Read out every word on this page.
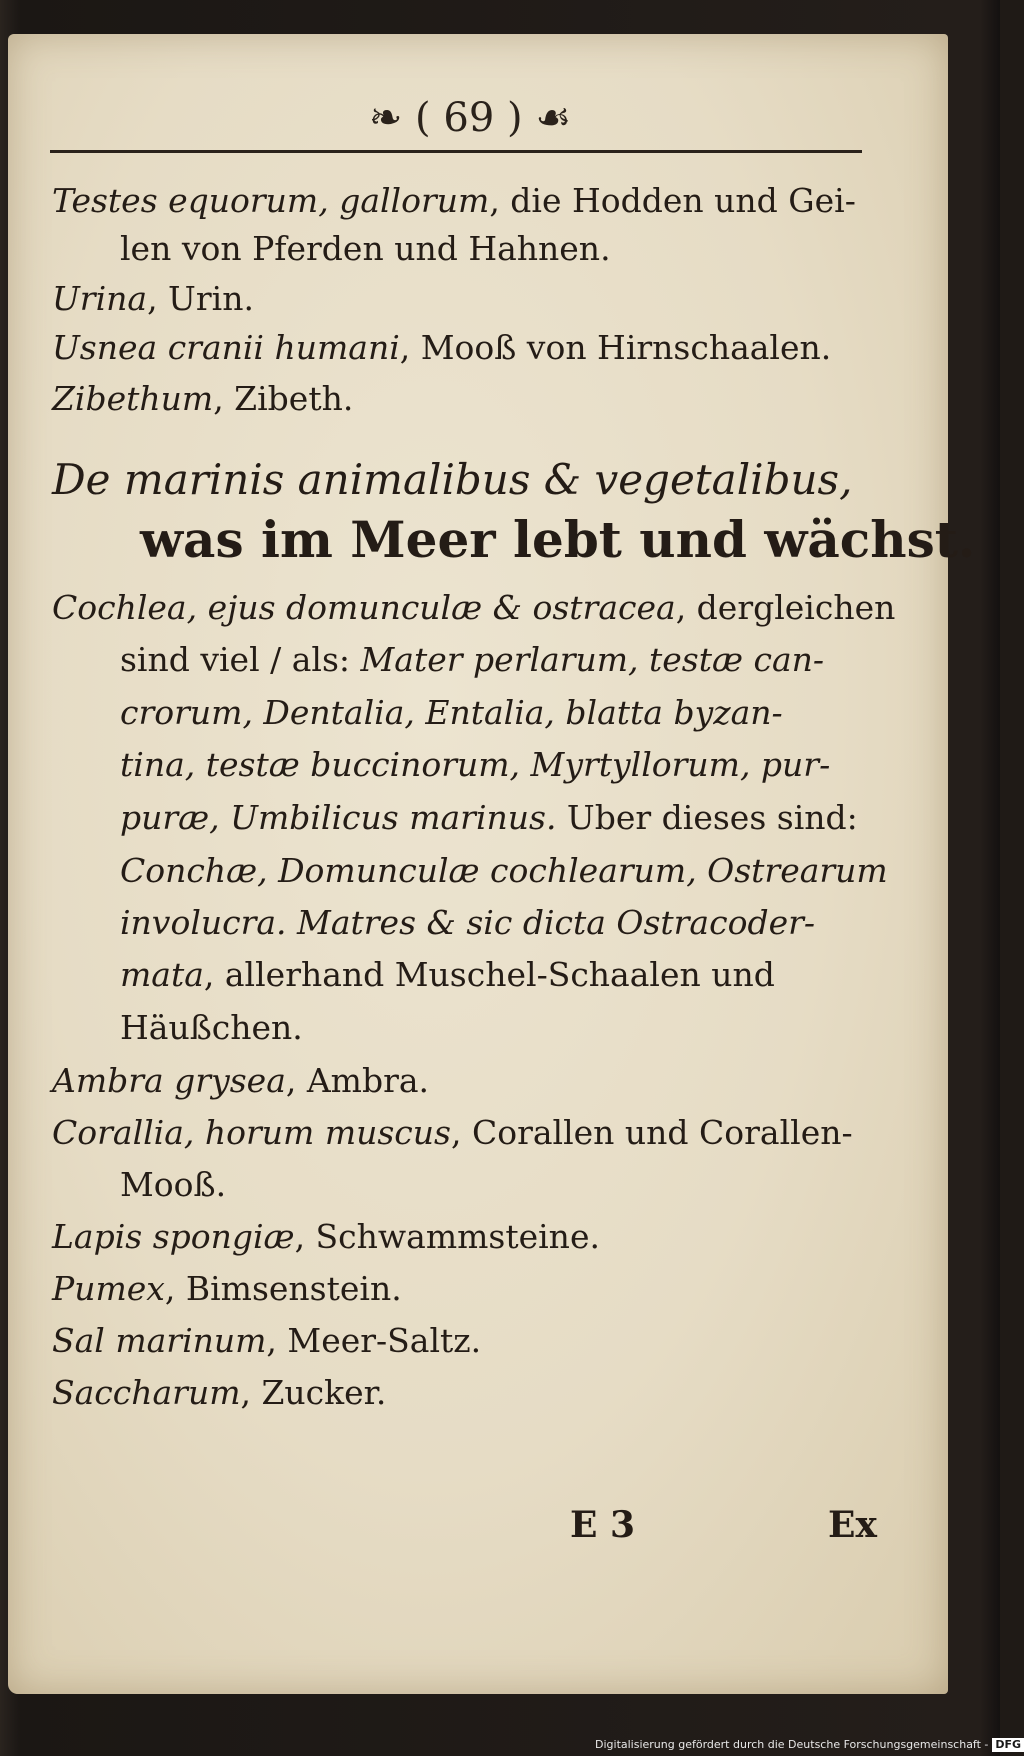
❧ ( 69 ) ☙
Testes equorum, gallorum, die Hodden und Gei-
len von Pferden und Hahnen.
Urina, Urin.
Usnea cranii humani, Mooß von Hirnschaalen.
Zibethum, Zibeth.
De marinis animalibus & vegetalibus,
was im Meer lebt und wächst.
Cochlea, ejus domunculæ & ostracea, dergleichen
sind viel / als: Mater perlarum, testæ can-
crorum, Dentalia, Entalia, blatta byzan-
tina, testæ buccinorum, Myrtyllorum, pur-
puræ, Umbilicus marinus. Uber dieses sind:
Conchæ, Domunculæ cochlearum, Ostrearum
involucra. Matres & sic dicta Ostracoder-
mata, allerhand Muschel-Schaalen und
Häußchen.
Ambra grysea, Ambra.
Corallia, horum muscus, Corallen und Corallen-
Mooß.
Lapis spongiæ, Schwammsteine.
Pumex, Bimsenstein.
Sal marinum, Meer-Saltz.
Saccharum, Zucker.
E 3	Ex
Digitalisierung gefördert durch die Deutsche Forschungsgemeinschaft - DFG
